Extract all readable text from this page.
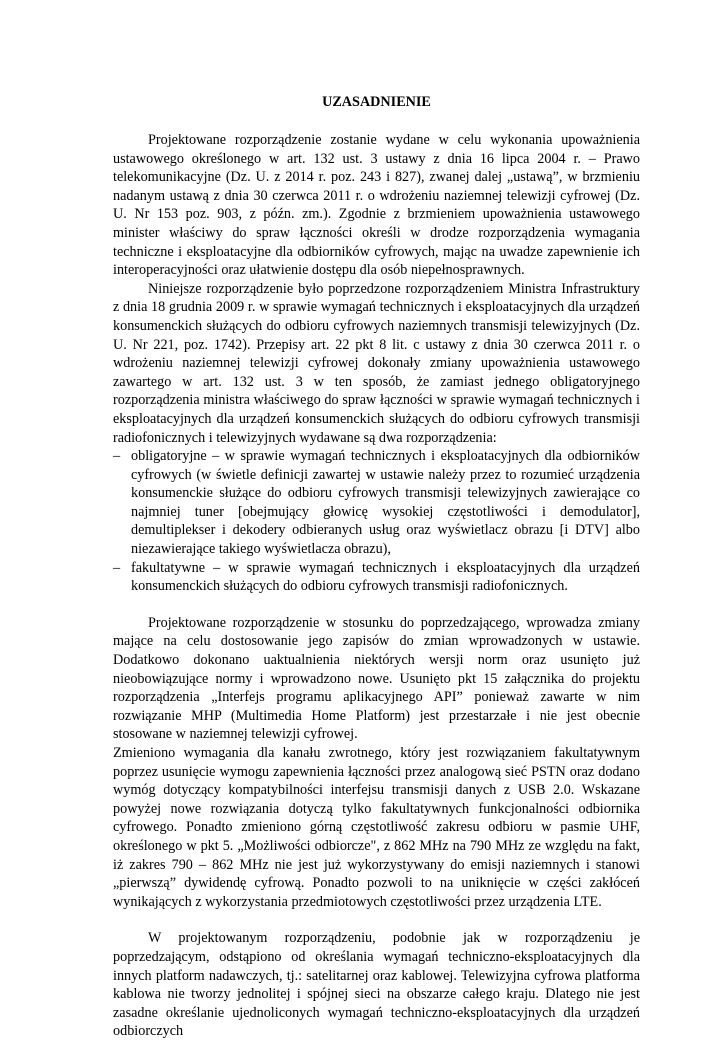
UZASADNIENIE

Projektowane rozporządzenie zostanie wydane w celu wykonania upoważnienia ustawowego określonego w art. 132 ust. 3 ustawy z dnia 16 lipca 2004 r. – Prawo telekomunikacyjne (Dz. U. z 2014 r. poz. 243 i 827), zwanej dalej „ustawą”, w brzmieniu nadanym ustawą z dnia 30 czerwca 2011 r. o wdrożeniu naziemnej telewizji cyfrowej (Dz. U. Nr 153 poz. 903, z późn. zm.). Zgodnie z brzmieniem upoważnienia ustawowego minister właściwy do spraw łączności określi w drodze rozporządzenia wymagania techniczne i eksploatacyjne dla odbiorników cyfrowych, mając na uwadze zapewnienie ich interoperacyjności oraz ułatwienie dostępu dla osób niepełnosprawnych.

Niniejsze rozporządzenie było poprzedzone rozporządzeniem Ministra Infrastruktury z dnia 18 grudnia 2009 r. w sprawie wymagań technicznych i eksploatacyjnych dla urządzeń konsumenckich służących do odbioru cyfrowych naziemnych transmisji telewizyjnych (Dz. U. Nr 221, poz. 1742). Przepisy art. 22 pkt 8 lit. c ustawy z dnia 30 czerwca 2011 r. o wdrożeniu naziemnej telewizji cyfrowej dokonały zmiany upoważnienia ustawowego zawartego w art. 132 ust. 3 w ten sposób, że zamiast jednego obligatoryjnego rozporządzenia ministra właściwego do spraw łączności w sprawie wymagań technicznych i eksploatacyjnych dla urządzeń konsumenckich służących do odbioru cyfrowych transmisji radiofonicznych i telewizyjnych wydawane są dwa rozporządzenia:

– obligatoryjne – w sprawie wymagań technicznych i eksploatacyjnych dla odbiorników cyfrowych (w świetle definicji zawartej w ustawie należy przez to rozumieć urządzenia konsumenckie służące do odbioru cyfrowych transmisji telewizyjnych zawierające co najmniej tuner [obejmujący głowicę wysokiej częstotliwości i demodulator], demultiplekser i dekodery odbieranych usług oraz wyświetlacz obrazu [i DTV] albo niezawierające takiego wyświetlacza obrazu),
– fakultatywne – w sprawie wymagań technicznych i eksploatacyjnych dla urządzeń konsumenckich służących do odbioru cyfrowych transmisji radiofonicznych.

Projektowane rozporządzenie w stosunku do poprzedzającego, wprowadza zmiany mające na celu dostosowanie jego zapisów do zmian wprowadzonych w ustawie. Dodatkowo dokonano uaktualnienia niektórych wersji norm oraz usunięto już nieobowiązujące normy i wprowadzono nowe. Usunięto pkt 15 załącznika do projektu rozporządzenia „Interfejs programu aplikacyjnego API” ponieważ zawarte w nim rozwiązanie MHP (Multimedia Home Platform) jest przestarzałe i nie jest obecnie stosowane w naziemnej telewizji cyfrowej.

Zmieniono wymagania dla kanału zwrotnego, który jest rozwiązaniem fakultatywnym poprzez usunięcie wymogu zapewnienia łączności przez analogową sieć PSTN oraz dodano wymóg dotyczący kompatybilności interfejsu transmisji danych z USB 2.0. Wskazane powyżej nowe rozwiązania dotyczą tylko fakultatywnych funkcjonalności odbiornika cyfrowego. Ponadto zmieniono górną częstotliwość zakresu odbioru w pasmie UHF, określonego w pkt 5. „Możliwości odbiorcze", z 862 MHz na 790 MHz ze względu na fakt, iż zakres 790 – 862 MHz nie jest już wykorzystywany do emisji naziemnych i stanowi „pierwszą” dywidendę cyfrową. Ponadto pozwoli to na uniknięcie w części zakłóceń wynikających z wykorzystania przedmiotowych częstotliwości przez urządzenia LTE.

W projektowanym rozporządzeniu, podobnie jak w rozporządzeniu je poprzedzającym, odstąpiono od określania wymagań techniczno-eksploatacyjnych dla innych platform nadawczych, tj.: satelitarnej oraz kablowej. Telewizyjna cyfrowa platforma kablowa nie tworzy jednolitej i spójnej sieci na obszarze całego kraju. Dlatego nie jest zasadne określanie ujednoliconych wymagań techniczno-eksploatacyjnych dla urządzeń odbiorczych
